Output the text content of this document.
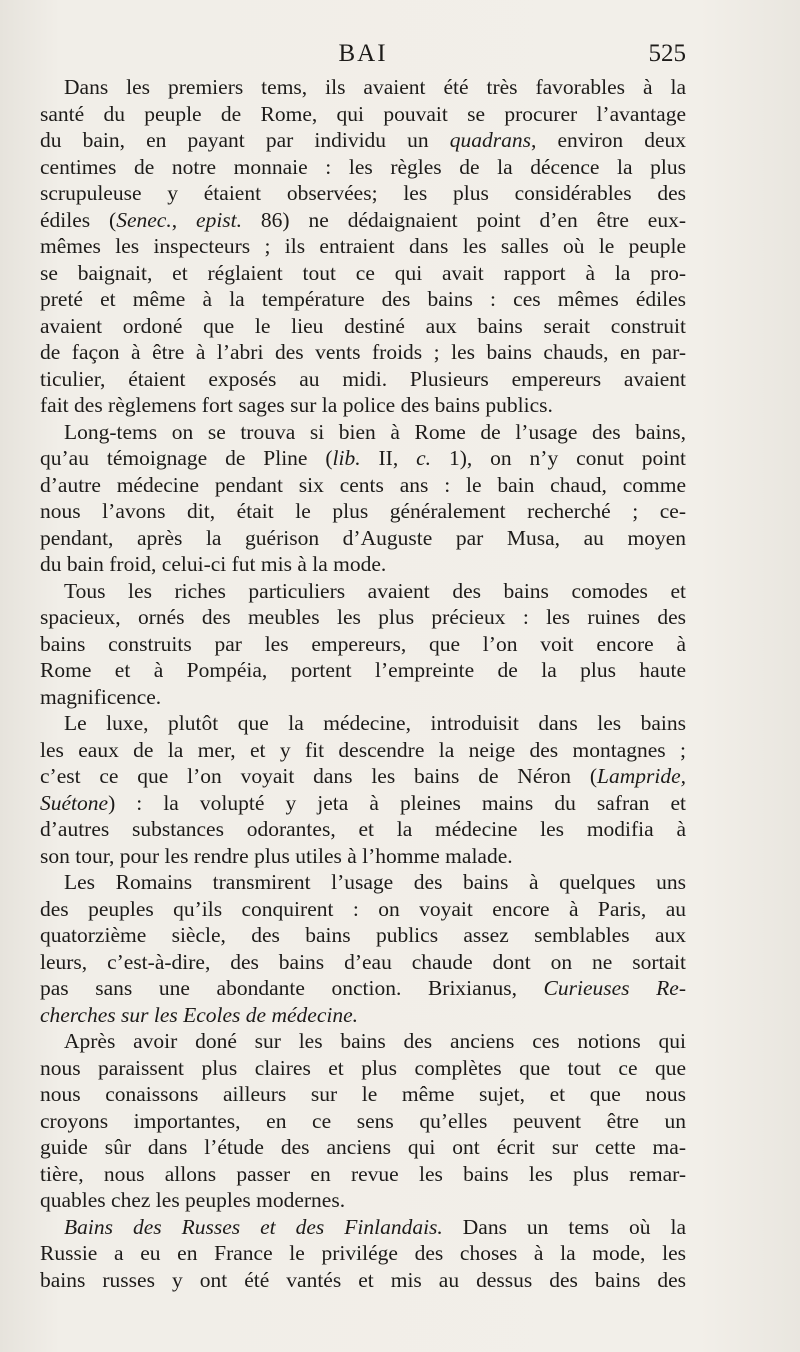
BAI	525
Dans les premiers tems, ils avaient été très favorables à la
santé du peuple de Rome, qui pouvait se procurer l’avantage
du bain, en payant par individu un quadrans, environ deux
centimes de notre monnaie : les règles de la décence la plus
scrupuleuse y étaient observées; les plus considérables des
édiles (Senec., epist. 86) ne dédaignaient point d’en être eux-
mêmes les inspecteurs ; ils entraient dans les salles où le peuple
se baignait, et réglaient tout ce qui avait rapport à la pro-
preté et même à la température des bains : ces mêmes édiles
avaient ordoné que le lieu destiné aux bains serait construit
de façon à être à l’abri des vents froids ; les bains chauds, en par-
ticulier, étaient exposés au midi. Plusieurs empereurs avaient
fait des règlemens fort sages sur la police des bains publics.
Long-tems on se trouva si bien à Rome de l’usage des bains,
qu’au témoignage de Pline (lib. II, c. 1), on n’y conut point
d’autre médecine pendant six cents ans : le bain chaud, comme
nous l’avons dit, était le plus généralement recherché ; ce-
pendant, après la guérison d’Auguste par Musa, au moyen
du bain froid, celui-ci fut mis à la mode.
Tous les riches particuliers avaient des bains comodes et
spacieux, ornés des meubles les plus précieux : les ruines des
bains construits par les empereurs, que l’on voit encore à
Rome et à Pompéia, portent l’empreinte de la plus haute
magnificence.
Le luxe, plutôt que la médecine, introduisit dans les bains
les eaux de la mer, et y fit descendre la neige des montagnes ;
c’est ce que l’on voyait dans les bains de Néron (Lampride,
Suétone) : la volupté y jeta à pleines mains du safran et
d’autres substances odorantes, et la médecine les modifia à
son tour, pour les rendre plus utiles à l’homme malade.
Les Romains transmirent l’usage des bains à quelques uns
des peuples qu’ils conquirent : on voyait encore à Paris, au
quatorzième siècle, des bains publics assez semblables aux
leurs, c’est-à-dire, des bains d’eau chaude dont on ne sortait
pas sans une abondante onction. Brixianus, Curieuses Re-
cherches sur les Ecoles de médecine.
Après avoir doné sur les bains des anciens ces notions qui
nous paraissent plus claires et plus complètes que tout ce que
nous conaissons ailleurs sur le même sujet, et que nous
croyons importantes, en ce sens qu’elles peuvent être un
guide sûr dans l’étude des anciens qui ont écrit sur cette ma-
tière, nous allons passer en revue les bains les plus remar-
quables chez les peuples modernes.
Bains des Russes et des Finlandais. Dans un tems où la
Russie a eu en France le privilége des choses à la mode, les
bains russes y ont été vantés et mis au dessus des bains des
